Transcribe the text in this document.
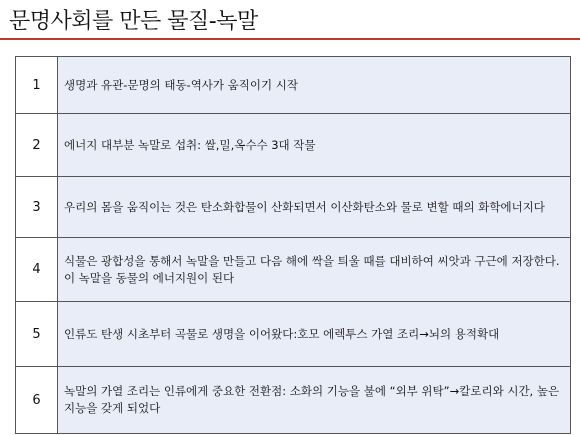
문명사회를 만든 물질-녹말
1	생명과 유관-문명의 태동-역사가 움직이기 시작
2	에너지 대부분 녹말로 섭취: 쌀,밀,옥수수 3대 작물
3	우리의 몸을 움직이는 것은 탄소화합물이 산화되면서 이산화탄소와 물로 변할 때의 화학에너지다
4	식물은 광합성을 통해서 녹말을 만들고 다음 해에 싹을 틔울 때를 대비하여 씨앗과 구근에 저장한다. 이 녹말을 동물의 에너지원이 된다
5	인류도 탄생 시초부터 곡물로 생명을 이어왔다:호모 에렉투스 가열 조리→뇌의 용적확대
6	녹말의 가열 조리는 인류에게 중요한 전환점: 소화의 기능을 불에 “외부 위탁”→칼로리와 시간, 높은 지능을 갖게 되었다
